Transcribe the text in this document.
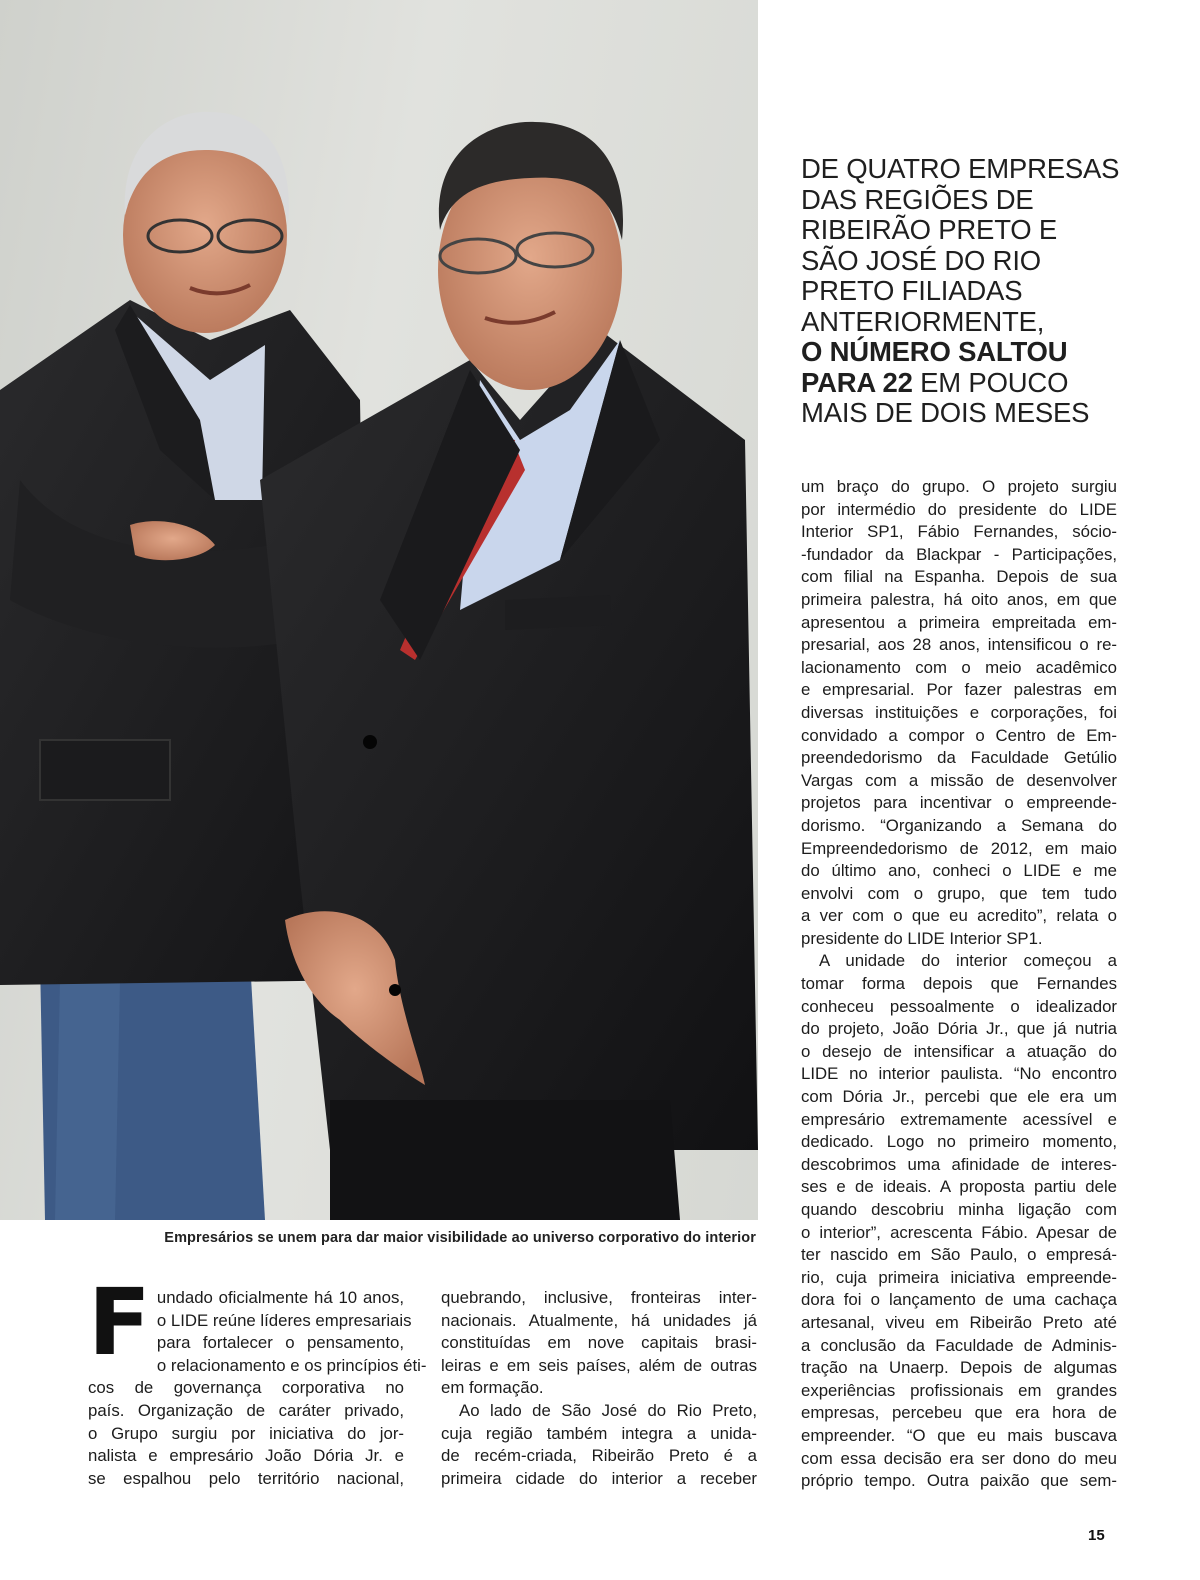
Empresários se unem para dar maior visibilidade ao universo corporativo do interior
DE QUATRO EMPRESAS
DAS REGIÕES DE
RIBEIRÃO PRETO E
SÃO JOSÉ DO RIO
PRETO FILIADAS
ANTERIORMENTE,
O NÚMERO SALTOU
PARA 22 EM POUCO
MAIS DE DOIS MESES
F undado oficialmente há 10 anos,
o LIDE reúne líderes empresariais
para fortalecer o pensamento,
o relacionamento e os princípios éti-
cos de governança corporativa no
país. Organização de caráter privado,
o Grupo surgiu por iniciativa do jor-
nalista e empresário João Dória Jr. e
se espalhou pelo território nacional,
quebrando, inclusive, fronteiras inter-
nacionais. Atualmente, há unidades já
constituídas em nove capitais brasi-
leiras e em seis países, além de outras
em formação.
Ao lado de São José do Rio Preto,
cuja região também integra a unida-
de recém-criada, Ribeirão Preto é a
primeira cidade do interior a receber
um braço do grupo. O projeto surgiu
por intermédio do presidente do LIDE
Interior SP1, Fábio Fernandes, sócio-
-fundador da Blackpar - Participações,
com filial na Espanha. Depois de sua
primeira palestra, há oito anos, em que
apresentou a primeira empreitada em-
presarial, aos 28 anos, intensificou o re-
lacionamento com o meio acadêmico
e empresarial. Por fazer palestras em
diversas instituições e corporações, foi
convidado a compor o Centro de Em-
preendedorismo da Faculdade Getúlio
Vargas com a missão de desenvolver
projetos para incentivar o empreende-
dorismo. “Organizando a Semana do
Empreendedorismo de 2012, em maio
do último ano, conheci o LIDE e me
envolvi com o grupo, que tem tudo
a ver com o que eu acredito”, relata o
presidente do LIDE Interior SP1.
A unidade do interior começou a
tomar forma depois que Fernandes
conheceu pessoalmente o idealizador
do projeto, João Dória Jr., que já nutria
o desejo de intensificar a atuação do
LIDE no interior paulista. “No encontro
com Dória Jr., percebi que ele era um
empresário extremamente acessível e
dedicado. Logo no primeiro momento,
descobrimos uma afinidade de interes-
ses e de ideais. A proposta partiu dele
quando descobriu minha ligação com
o interior”, acrescenta Fábio. Apesar de
ter nascido em São Paulo, o empresá-
rio, cuja primeira iniciativa empreende-
dora foi o lançamento de uma cachaça
artesanal, viveu em Ribeirão Preto até
a conclusão da Faculdade de Adminis-
tração na Unaerp. Depois de algumas
experiências profissionais em grandes
empresas, percebeu que era hora de
empreender. “O que eu mais buscava
com essa decisão era ser dono do meu
próprio tempo. Outra paixão que sem-
15
